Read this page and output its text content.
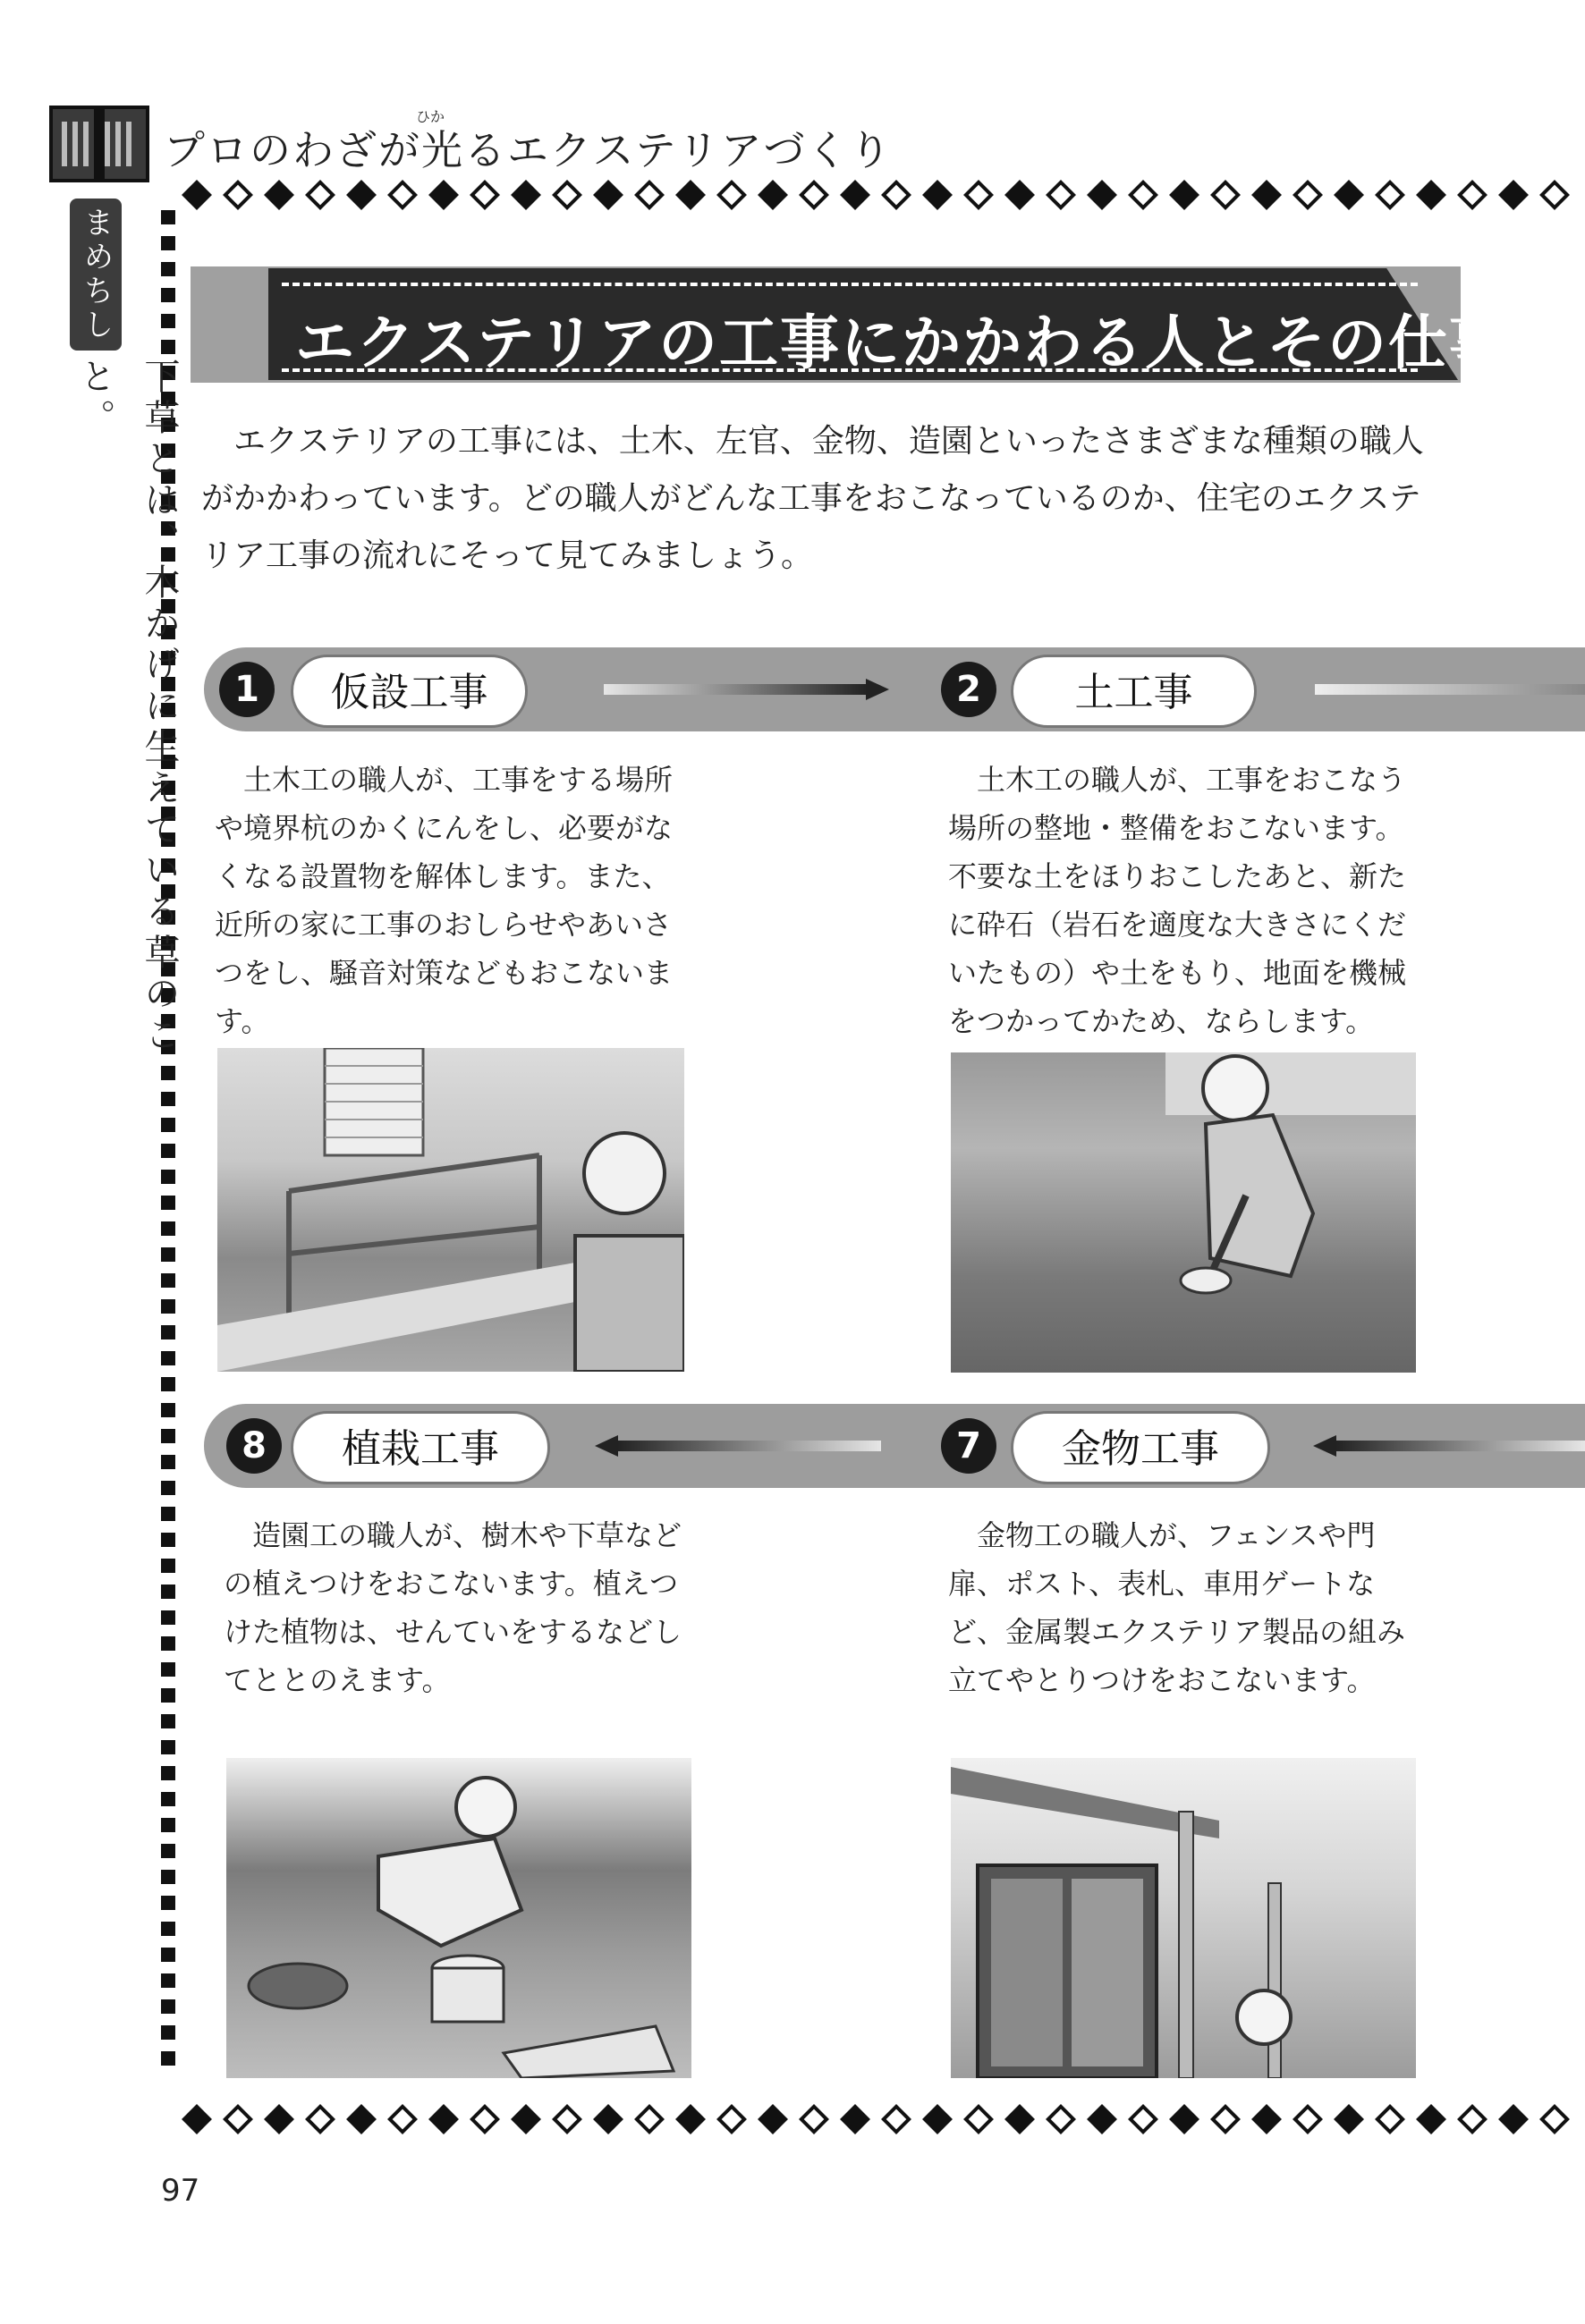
ひか
プロのわざが光るエクステリアづくり
まめちしき
下草とは、木かげに生えている草のこと。
エクステリアの工事にかかわる人とその仕事

エクステリアの工事には、土木、左官、金物、造園といったさまざまな種類の職人がかかわっています。どの職人がどんな工事をおこなっているのか、住宅のエクステリア工事の流れにそって見てみましょう。

1	仮設工事	2	土工事

土木工の職人が、工事をする場所や境界杭のかくにんをし、必要がなくなる設置物を解体します。また、近所の家に工事のおしらせやあいさつをし、騒音対策などもおこないます。

土木工の職人が、工事をおこなう場所の整地・整備をおこないます。不要な土をほりおこしたあと、新たに砕石（岩石を適度な大きさにくだいたもの）や土をもり、地面を機械をつかってかため、ならします。

8	植栽工事	7	金物工事

造園工の職人が、樹木や下草などの植えつけをおこないます。植えつけた植物は、せんていをするなどしてととのえます。

金物工の職人が、フェンスや門扉、ポスト、表札、車用ゲートなど、金属製エクステリア製品の組み立てやとりつけをおこないます。

97
